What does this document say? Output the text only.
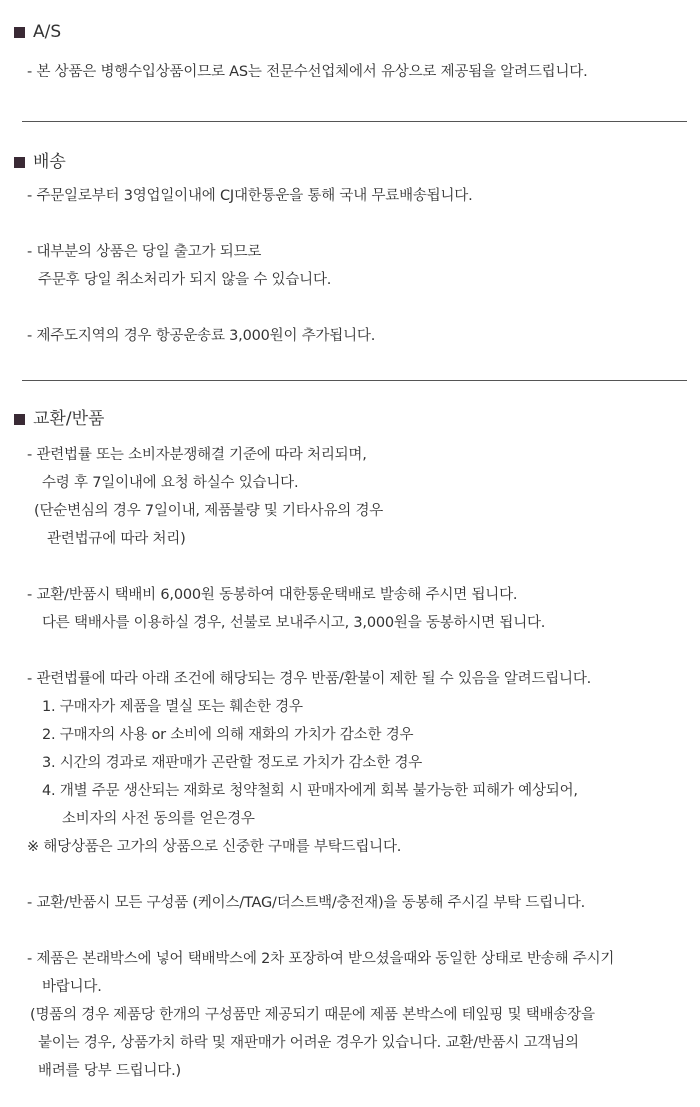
A/S
- 본 상품은 병행수입상품이므로 AS는 전문수선업체에서 유상으로 제공됨을 알려드립니다.
배송
- 주문일로부터 3영업일이내에 CJ대한통운을 통해 국내 무료배송됩니다.
- 대부분의 상품은 당일 출고가 되므로
주문후 당일 취소처리가 되지 않을 수 있습니다.
- 제주도지역의 경우 항공운송료 3,000원이 추가됩니다.
교환/반품
- 관련법률 또는 소비자분쟁해결 기준에 따라 처리되며,
수령 후 7일이내에 요청 하실수 있습니다.
(단순변심의 경우 7일이내, 제품불량 및 기타사유의 경우
관련법규에 따라 처리)
- 교환/반품시 택배비 6,000원 동봉하여 대한통운택배로 발송해 주시면 됩니다.
다른 택배사를 이용하실 경우, 선불로 보내주시고, 3,000원을 동봉하시면 됩니다.
- 관련법률에 따라 아래 조건에 해당되는 경우 반품/환불이 제한 될 수 있음을 알려드립니다.
1. 구매자가 제품을 멸실 또는 훼손한 경우
2. 구매자의 사용 or 소비에 의해 재화의 가치가 감소한 경우
3. 시간의 경과로 재판매가 곤란할 정도로 가치가 감소한 경우
4. 개별 주문 생산되는 재화로 청약철회 시 판매자에게 회복 불가능한 피해가 예상되어,
소비자의 사전 동의를 얻은경우
※ 해당상품은 고가의 상품으로 신중한 구매를 부탁드립니다.
- 교환/반품시 모든 구성품 (케이스/TAG/더스트백/충전재)을 동봉해 주시길 부탁 드립니다.
- 제품은 본래박스에 넣어 택배박스에 2차 포장하여 받으셨을때와 동일한 상태로 반송해 주시기
바랍니다.
(명품의 경우 제품당 한개의 구성품만 제공되기 때문에 제품 본박스에 테잎핑 및 택배송장을
붙이는 경우, 상품가치 하락 및 재판매가 어려운 경우가 있습니다. 교환/반품시 고객님의
배려를 당부 드립니다.)
